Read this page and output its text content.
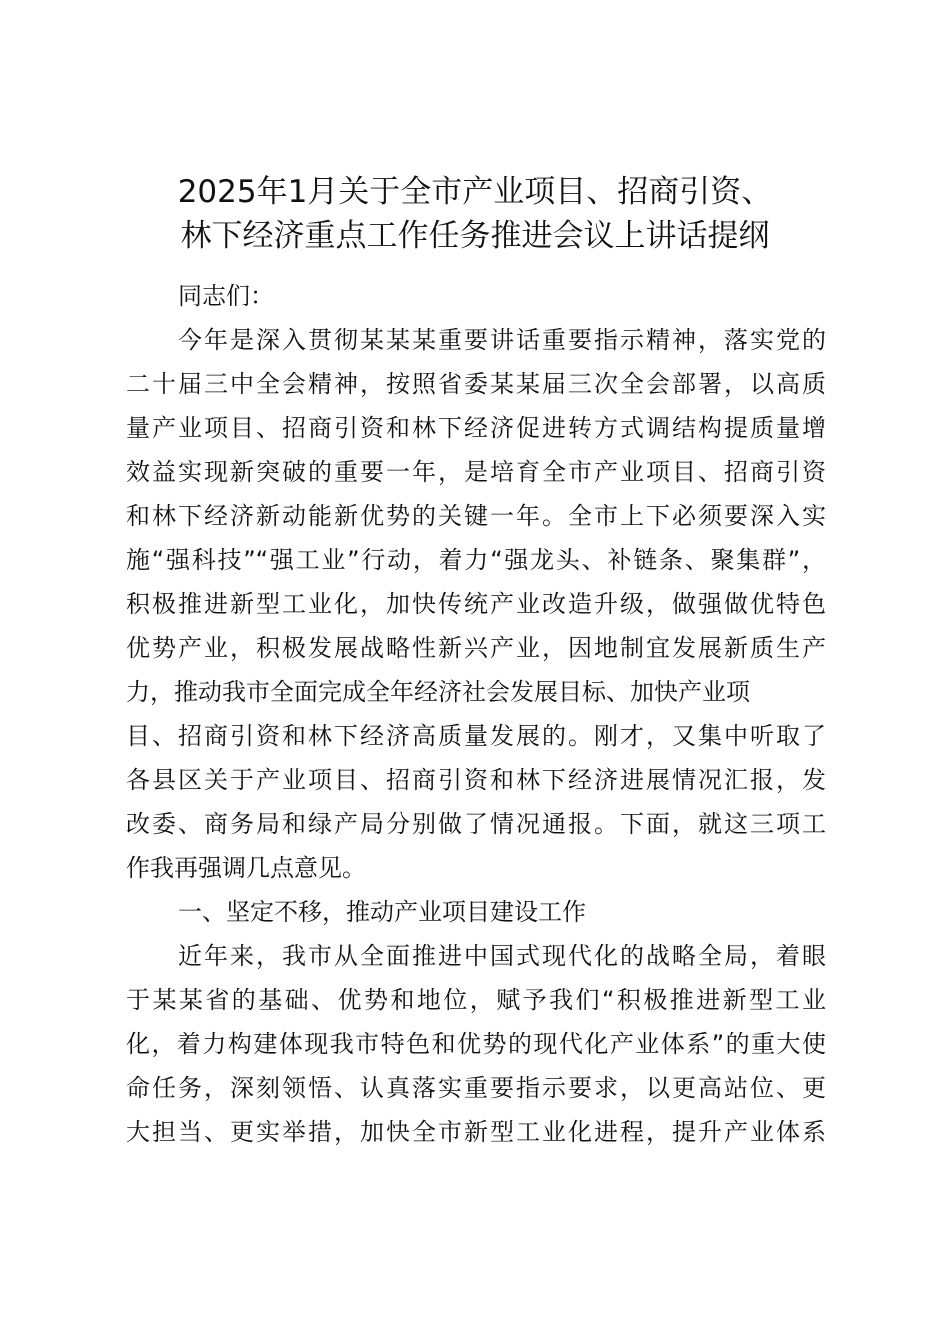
2025年1月关于全市产业项目、招商引资、
林下经济重点工作任务推进会议上讲话提纲
同志们：
今年是深入贯彻某某某重要讲话重要指示精神，落实党的
二十届三中全会精神，按照省委某某届三次全会部署，以高质
量产业项目、招商引资和林下经济促进转方式调结构提质量增
效益实现新突破的重要一年，是培育全市产业项目、招商引资
和林下经济新动能新优势的关键一年。全市上下必须要深入实
施“强科技”“强工业”行动，着力“强龙头、补链条、聚集群”，
积极推进新型工业化，加快传统产业改造升级，做强做优特色
优势产业，积极发展战略性新兴产业，因地制宜发展新质生产
力，推动我市全面完成全年经济社会发展目标、加快产业项
目、招商引资和林下经济高质量发展的。刚才，又集中听取了
各县区关于产业项目、招商引资和林下经济进展情况汇报，发
改委、商务局和绿产局分别做了情况通报。下面，就这三项工
作我再强调几点意见。
一、坚定不移，推动产业项目建设工作
近年来，我市从全面推进中国式现代化的战略全局，着眼
于某某省的基础、优势和地位，赋予我们“积极推进新型工业
化，着力构建体现我市特色和优势的现代化产业体系”的重大使
命任务，深刻领悟、认真落实重要指示要求，以更高站位、更
大担当、更实举措，加快全市新型工业化进程，提升产业体系
